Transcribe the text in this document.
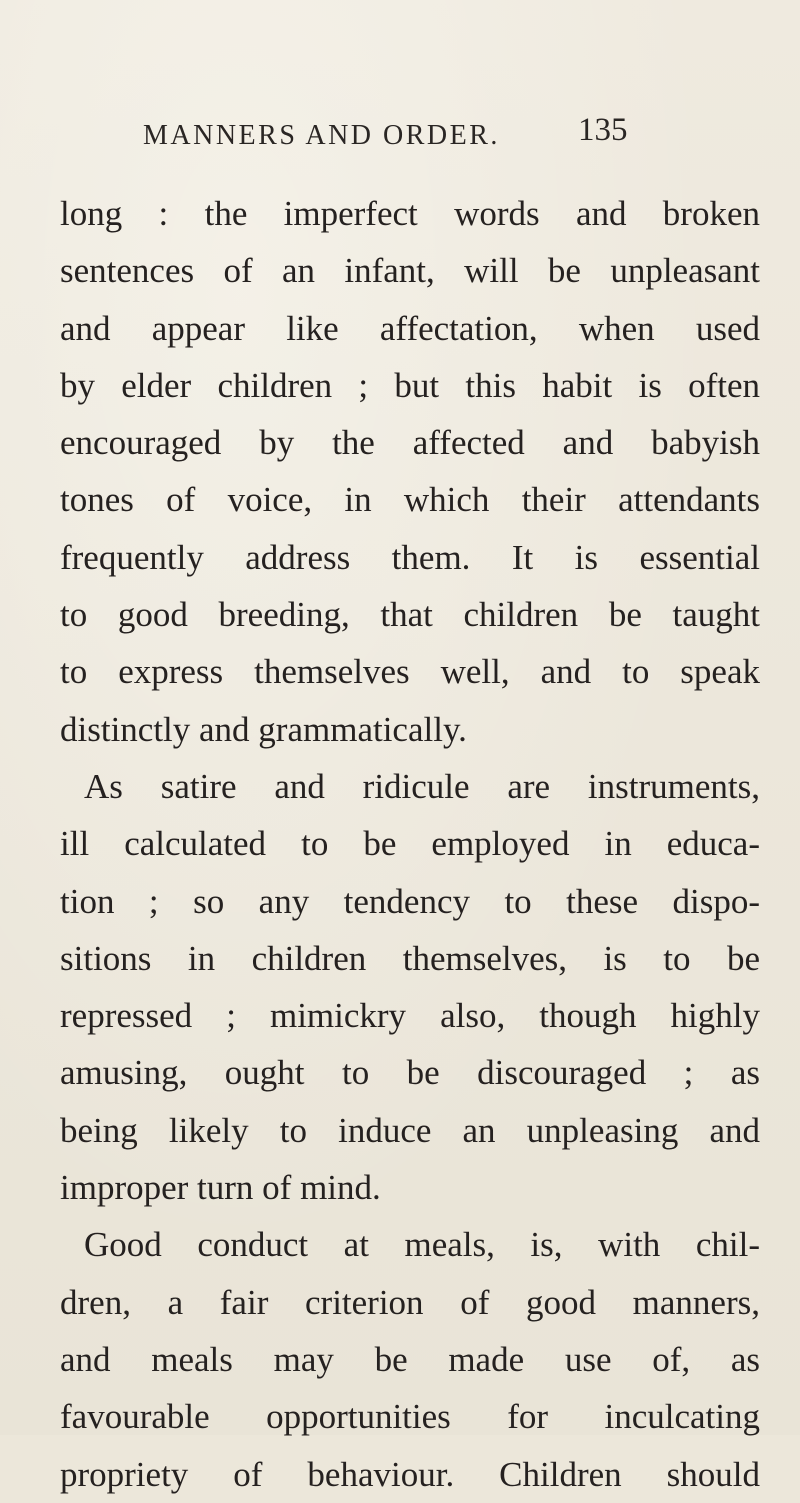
MANNERS AND ORDER. 135
long : the imperfect words and broken
sentences of an infant, will be unpleasant
and appear like affectation, when used
by elder children ; but this habit is often
encouraged by the affected and babyish
tones of voice, in which their attendants
frequently address them. It is essential
to good breeding, that children be taught
to express themselves well, and to speak
distinctly and grammatically.
As satire and ridicule are instruments,
ill calculated to be employed in educa-
tion ; so any tendency to these dispo-
sitions in children themselves, is to be
repressed ; mimickry also, though highly
amusing, ought to be discouraged ; as
being likely to induce an unpleasing and
improper turn of mind.
Good conduct at meals, is, with chil-
dren, a fair criterion of good manners,
and meals may be made use of, as
favourable opportunities for inculcating
propriety of behaviour. Children should
